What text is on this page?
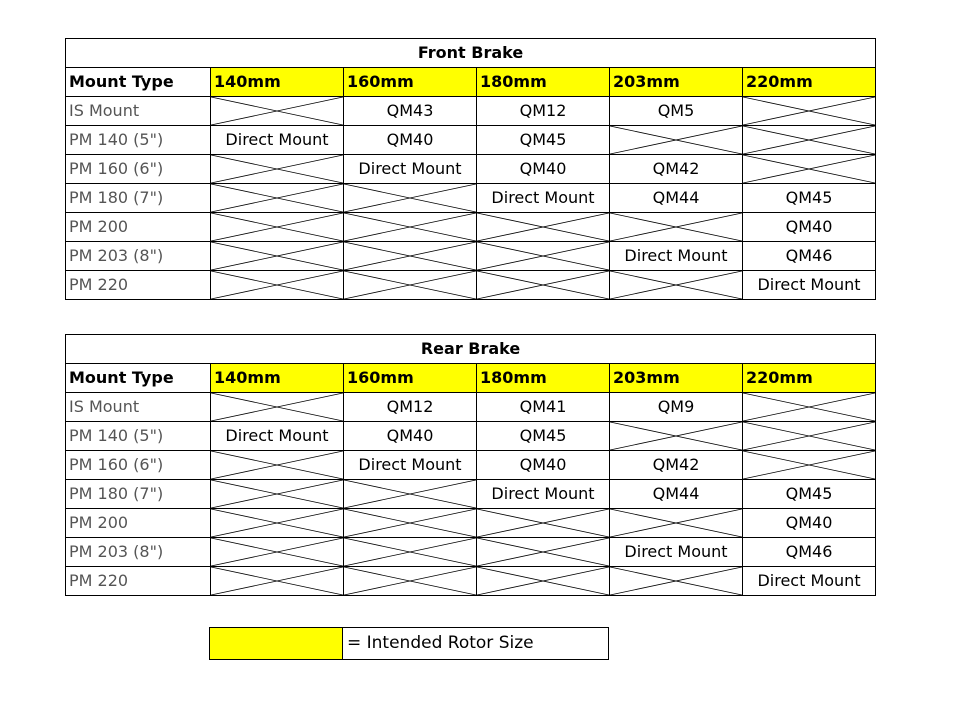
Front Brake					
Mount Type	140mm	160mm	180mm	203mm	220mm
IS Mount		QM43	QM12	QM5	

PM 140 (5")	Direct Mount	QM40	QM45	

PM 160 (6")		Direct Mount	QM40	QM42	

PM 180 (7")			Direct Mount	QM44	QM45
PM 200					QM40
PM 203 (8")				Direct Mount	QM46
PM 220					Direct Mount
Rear Brake					
Mount Type	140mm	160mm	180mm	203mm	220mm
IS Mount		QM12	QM41	QM9	

PM 140 (5")	Direct Mount	QM40	QM45	

PM 160 (6")		Direct Mount	QM40	QM42	

PM 180 (7")			Direct Mount	QM44	QM45
PM 200					QM40
PM 203 (8")				Direct Mount	QM46
PM 220					Direct Mount
= Intended Rotor Size
